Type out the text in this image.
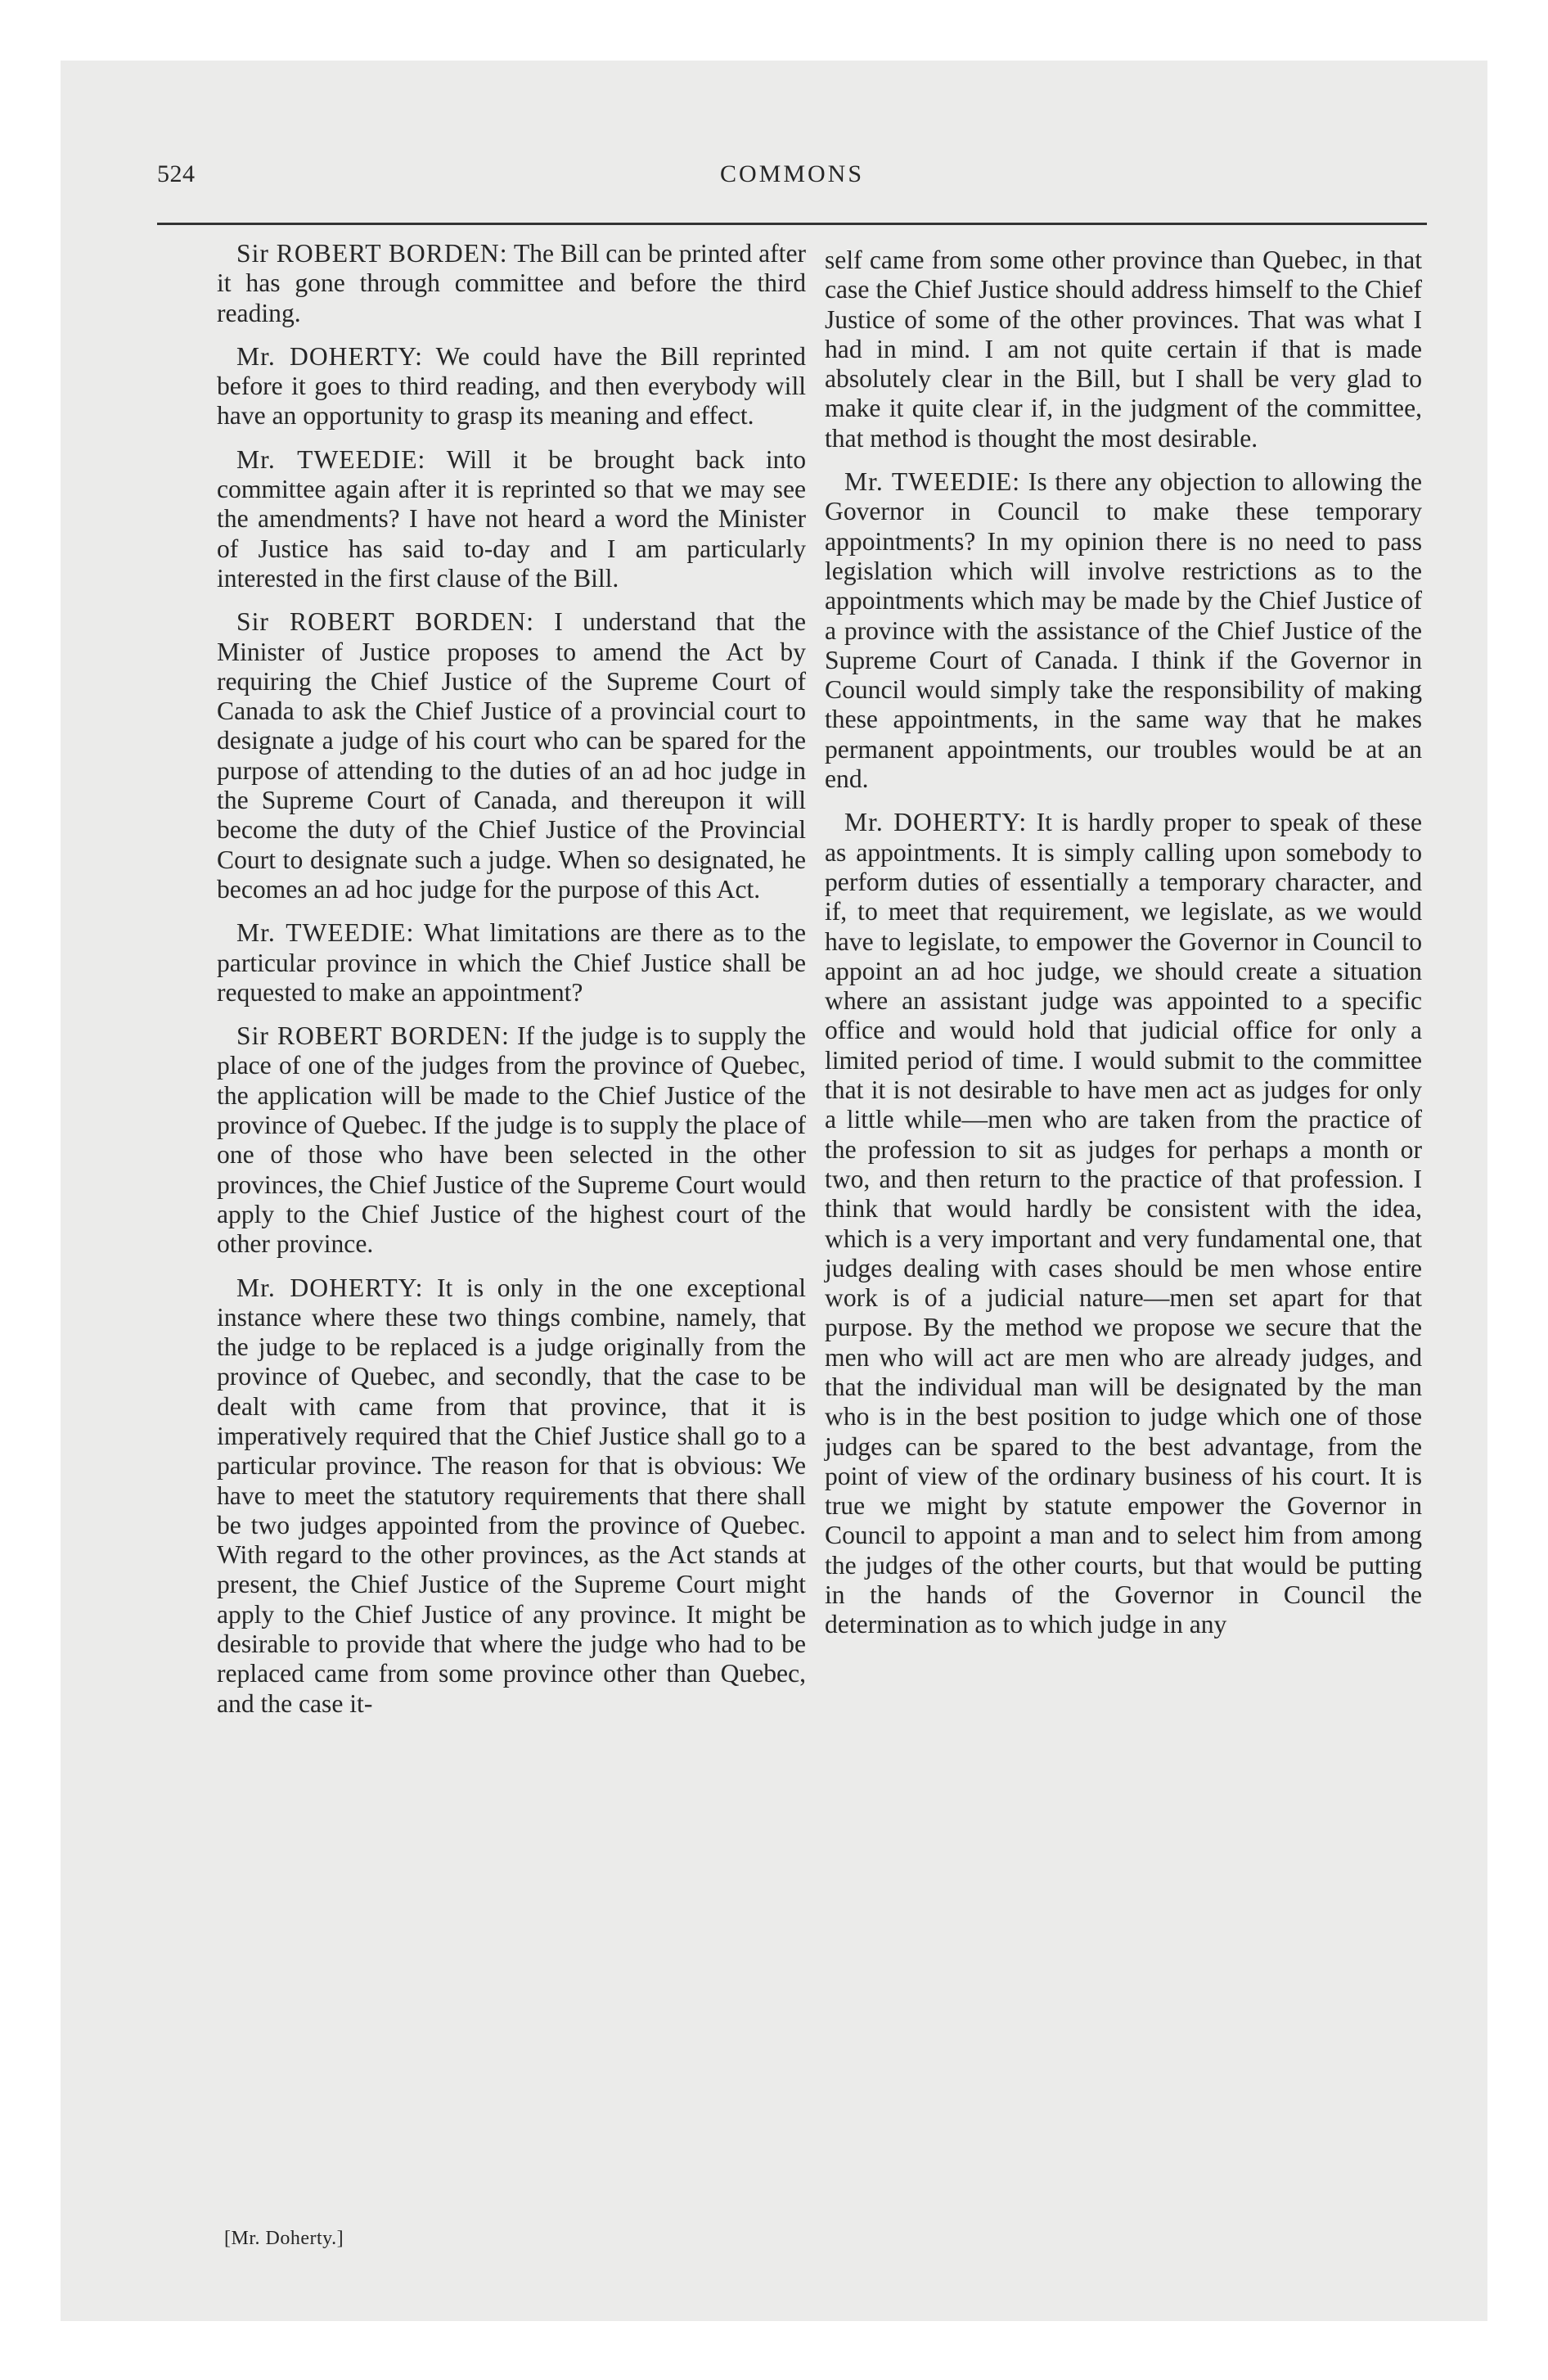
524	COMMONS

Sir ROBERT BORDEN: The Bill can be printed after it has gone through committee and before the third reading.

Mr. DOHERTY: We could have the Bill reprinted before it goes to third reading, and then everybody will have an opportunity to grasp its meaning and effect.

Mr. TWEEDIE: Will it be brought back into committee again after it is reprinted so that we may see the amendments? I have not heard a word the Minister of Justice has said to-day and I am particularly interested in the first clause of the Bill.

Sir ROBERT BORDEN: I understand that the Minister of Justice proposes to amend the Act by requiring the Chief Justice of the Supreme Court of Canada to ask the Chief Justice of a provincial court to designate a judge of his court who can be spared for the purpose of attending to the duties of an ad hoc judge in the Supreme Court of Canada, and thereupon it will become the duty of the Chief Justice of the Provincial Court to designate such a judge. When so designated, he becomes an ad hoc judge for the purpose of this Act.

Mr. TWEEDIE: What limitations are there as to the particular province in which the Chief Justice shall be requested to make an appointment?

Sir ROBERT BORDEN: If the judge is to supply the place of one of the judges from the province of Quebec, the application will be made to the Chief Justice of the province of Quebec. If the judge is to supply the place of one of those who have been selected in the other provinces, the Chief Justice of the Supreme Court would apply to the Chief Justice of the highest court of the other province.

Mr. DOHERTY: It is only in the one exceptional instance where these two things combine, namely, that the judge to be replaced is a judge originally from the province of Quebec, and secondly, that the case to be dealt with came from that province, that it is imperatively required that the Chief Justice shall go to a particular province. The reason for that is obvious: We have to meet the statutory requirements that there shall be two judges appointed from the province of Quebec. With regard to the other provinces, as the Act stands at present, the Chief Justice of the Supreme Court might apply to the Chief Justice of any province. It might be desirable to provide that where the judge who had to be replaced came from some province other than Quebec, and the case it-

self came from some other province than Quebec, in that case the Chief Justice should address himself to the Chief Justice of some of the other provinces. That was what I had in mind. I am not quite certain if that is made absolutely clear in the Bill, but I shall be very glad to make it quite clear if, in the judgment of the committee, that method is thought the most desirable.

Mr. TWEEDIE: Is there any objection to allowing the Governor in Council to make these temporary appointments? In my opinion there is no need to pass legislation which will involve restrictions as to the appointments which may be made by the Chief Justice of a province with the assistance of the Chief Justice of the Supreme Court of Canada. I think if the Governor in Council would simply take the responsibility of making these appointments, in the same way that he makes permanent appointments, our troubles would be at an end.

Mr. DOHERTY: It is hardly proper to speak of these as appointments. It is simply calling upon somebody to perform duties of essentially a temporary character, and if, to meet that requirement, we legislate, as we would have to legislate, to empower the Governor in Council to appoint an ad hoc judge, we should create a situation where an assistant judge was appointed to a specific office and would hold that judicial office for only a limited period of time. I would submit to the committee that it is not desirable to have men act as judges for only a little while—men who are taken from the practice of the profession to sit as judges for perhaps a month or two, and then return to the practice of that profession. I think that would hardly be consistent with the idea, which is a very important and very fundamental one, that judges dealing with cases should be men whose entire work is of a judicial nature—men set apart for that purpose. By the method we propose we secure that the men who will act are men who are already judges, and that the individual man will be designated by the man who is in the best position to judge which one of those judges can be spared to the best advantage, from the point of view of the ordinary business of his court. It is true we might by statute empower the Governor in Council to appoint a man and to select him from among the judges of the other courts, but that would be putting in the hands of the Governor in Council the determination as to which judge in any

[Mr. Doherty.]
